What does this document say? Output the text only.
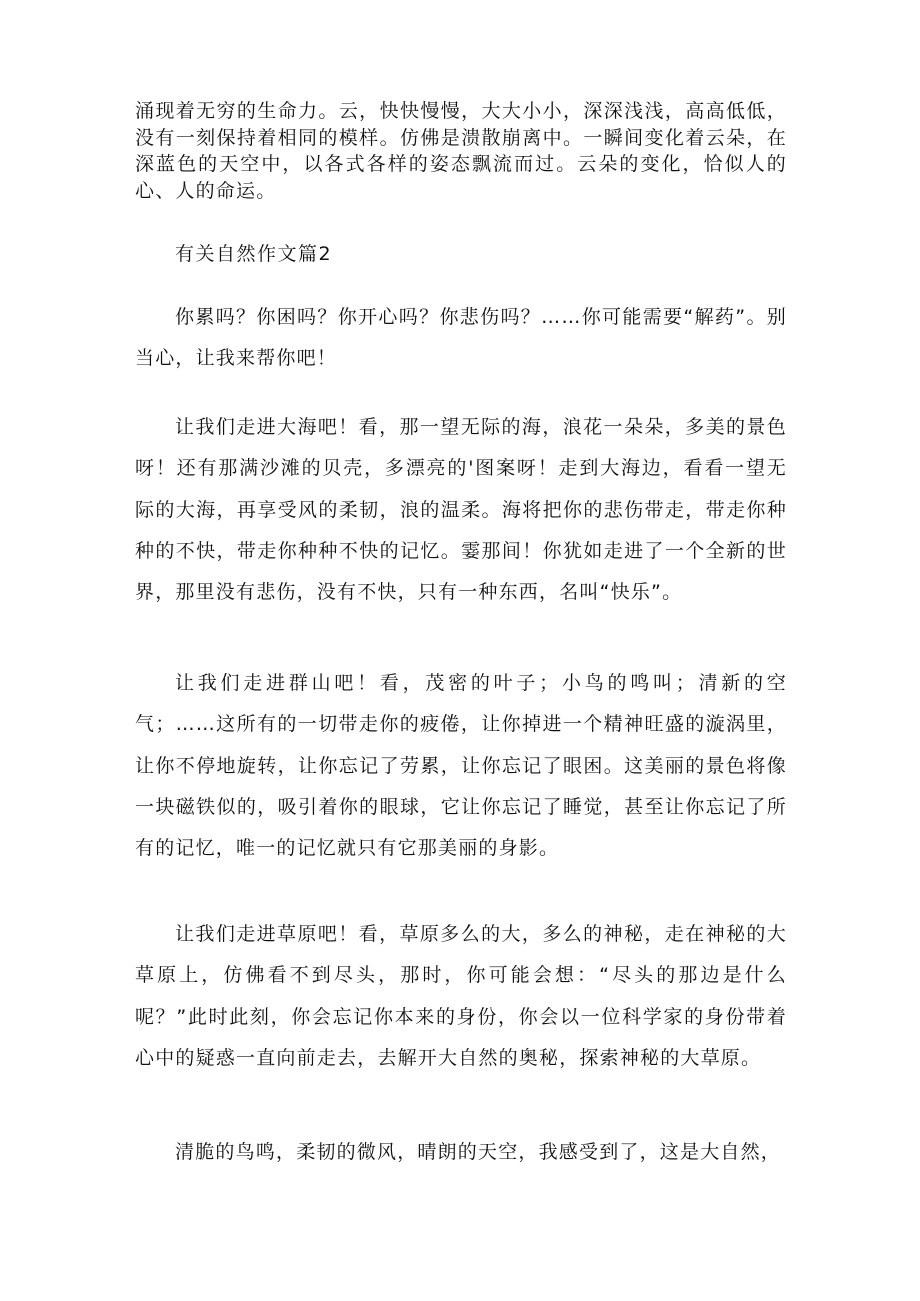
涌现着无穷的生命力。云，快快慢慢，大大小小，深深浅浅，高高低低，没有一刻保持着相同的模样。仿佛是溃散崩离中。一瞬间变化着云朵，在深蓝色的天空中，以各式各样的姿态飘流而过。云朵的变化，恰似人的心、人的命运。

有关自然作文篇2

你累吗？你困吗？你开心吗？你悲伤吗？……你可能需要“解药”。别当心，让我来帮你吧！

让我们走进大海吧！看，那一望无际的海，浪花一朵朵，多美的景色呀！还有那满沙滩的贝壳，多漂亮的'图案呀！走到大海边，看看一望无际的大海，再享受风的柔韧，浪的温柔。海将把你的悲伤带走，带走你种种的不快，带走你种种不快的记忆。霎那间！你犹如走进了一个全新的世界，那里没有悲伤，没有不快，只有一种东西，名叫“快乐”。

让我们走进群山吧！看，茂密的叶子；小鸟的鸣叫；清新的空气；……这所有的一切带走你的疲倦，让你掉进一个精神旺盛的漩涡里，让你不停地旋转，让你忘记了劳累，让你忘记了眼困。这美丽的景色将像一块磁铁似的，吸引着你的眼球，它让你忘记了睡觉，甚至让你忘记了所有的记忆，唯一的记忆就只有它那美丽的身影。

让我们走进草原吧！看，草原多么的大，多么的神秘，走在神秘的大草原上，仿佛看不到尽头，那时，你可能会想：“尽头的那边是什么呢？”此时此刻，你会忘记你本来的身份，你会以一位科学家的身份带着心中的疑惑一直向前走去，去解开大自然的奥秘，探索神秘的大草原。

清脆的鸟鸣，柔韧的微风，晴朗的天空，我感受到了，这是大自然，
